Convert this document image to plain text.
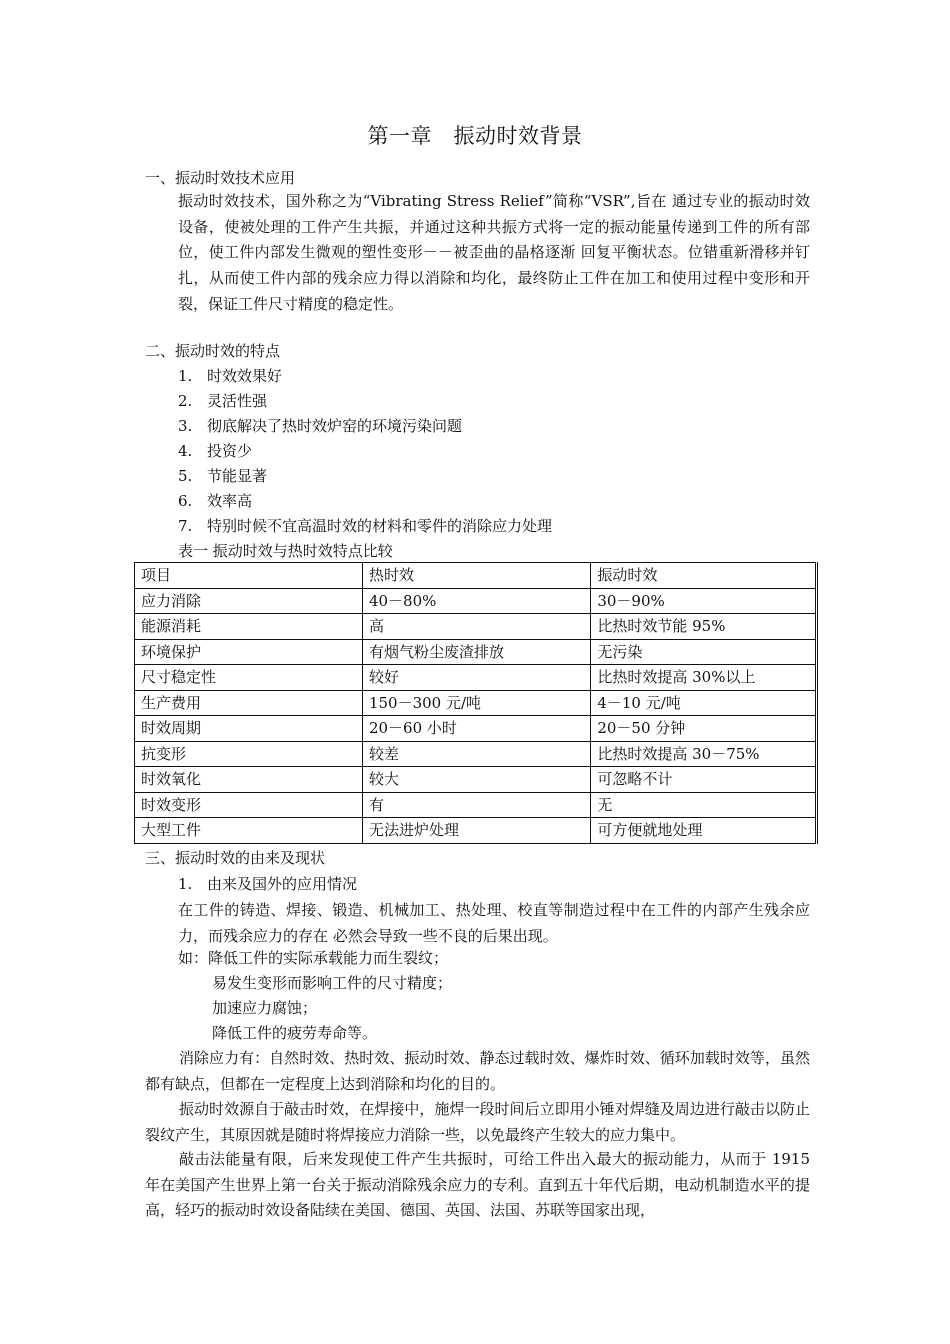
第一章　振动时效背景
一、振动时效技术应用
振动时效技术，国外称之为“Vibrating Stress Relief”简称“VSR”,旨在 通过专业的振动时效设备，使被处理的工件产生共振，并通过这种共振方式将一定的振动能量传递到工件的所有部位，使工件内部发生微观的塑性变形－－被歪曲的晶格逐渐 回复平衡状态。位错重新滑移并钉扎，从而使工件内部的残余应力得以消除和均化，最终防止工件在加工和使用过程中变形和开裂，保证工件尺寸精度的稳定性。
二、振动时效的特点
1. 时效效果好
2. 灵活性强
3. 彻底解决了热时效炉窑的环境污染问题
4. 投资少
5. 节能显著
6. 效率高
7. 特别时候不宜高温时效的材料和零件的消除应力处理
表一 振动时效与热时效特点比较
项目	热时效	振动时效
应力消除	40－80%	30－90%
能源消耗	高	比热时效节能 95%
环境保护	有烟气粉尘废渣排放	无污染
尺寸稳定性	较好	比热时效提高 30%以上
生产费用	150－300 元/吨	4－10 元/吨
时效周期	20－60 小时	20－50 分钟
抗变形	较差	比热时效提高 30－75%
时效氧化	较大	可忽略不计
时效变形	有	无
大型工件	无法进炉处理	可方便就地处理
三、振动时效的由来及现状
1. 由来及国外的应用情况
在工件的铸造、焊接、锻造、机械加工、热处理、校直等制造过程中在工件的内部产生残余应力，而残余应力的存在 必然会导致一些不良的后果出现。
如：降低工件的实际承载能力而生裂纹；
易发生变形而影响工件的尺寸精度；
加速应力腐蚀；
降低工件的疲劳寿命等。
消除应力有：自然时效、热时效、振动时效、静态过载时效、爆炸时效、循环加载时效等，虽然都有缺点，但都在一定程度上达到消除和均化的目的。
振动时效源自于敲击时效，在焊接中，施焊一段时间后立即用小锤对焊缝及周边进行敲击以防止裂纹产生，其原因就是随时将焊接应力消除一些，以免最终产生较大的应力集中。
敲击法能量有限，后来发现使工件产生共振时，可给工件出入最大的振动能力，从而于 1915 年在美国产生世界上第一台关于振动消除残余应力的专利。直到五十年代后期，电动机制造水平的提高，轻巧的振动时效设备陆续在美国、德国、英国、法国、苏联等国家出现，
